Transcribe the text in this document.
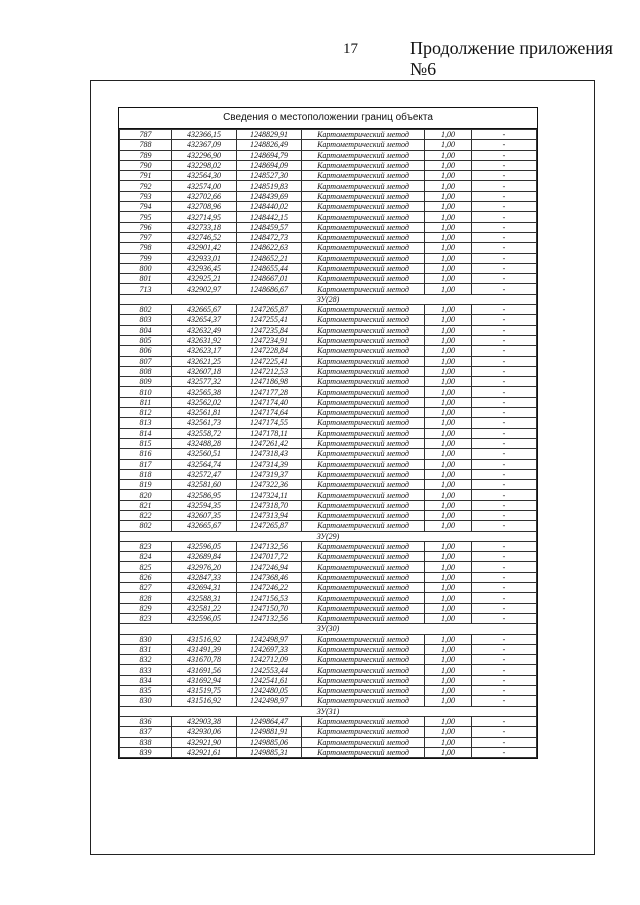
17	Продолжение приложения №6
Сведения о местоположении границ объекта
787	432366,15	1248829,91	Картометрический метод	1,00	-
788	432367,09	1248826,49	Картометрический метод	1,00	-
789	432296,90	1248694,79	Картометрический метод	1,00	-
790	432298,02	1248694,09	Картометрический метод	1,00	-
791	432564,30	1248527,30	Картометрический метод	1,00	-
792	432574,00	1248519,83	Картометрический метод	1,00	-
793	432702,66	1248439,69	Картометрический метод	1,00	-
794	432708,96	1248440,02	Картометрический метод	1,00	-
795	432714,95	1248442,15	Картометрический метод	1,00	-
796	432733,18	1248459,57	Картометрический метод	1,00	-
797	432746,52	1248472,73	Картометрический метод	1,00	-
798	432901,42	1248622,63	Картометрический метод	1,00	-
799	432933,01	1248652,21	Картометрический метод	1,00	-
800	432936,45	1248655,44	Картометрический метод	1,00	-
801	432925,21	1248667,01	Картометрический метод	1,00	-
713	432902,97	1248686,67	Картометрический метод	1,00	-
ЗУ(28)					
802	432665,67	1247265,87	Картометрический метод	1,00	-
803	432654,37	1247255,41	Картометрический метод	1,00	-
804	432632,49	1247235,84	Картометрический метод	1,00	-
805	432631,92	1247234,91	Картометрический метод	1,00	-
806	432623,17	1247228,84	Картометрический метод	1,00	-
807	432621,25	1247225,41	Картометрический метод	1,00	-
808	432607,18	1247212,53	Картометрический метод	1,00	-
809	432577,32	1247186,98	Картометрический метод	1,00	-
810	432565,38	1247177,28	Картометрический метод	1,00	-
811	432562,02	1247174,40	Картометрический метод	1,00	-
812	432561,81	1247174,64	Картометрический метод	1,00	-
813	432561,73	1247174,55	Картометрический метод	1,00	-
814	432558,72	1247178,11	Картометрический метод	1,00	-
815	432488,28	1247261,42	Картометрический метод	1,00	-
816	432560,51	1247318,43	Картометрический метод	1,00	-
817	432564,74	1247314,39	Картометрический метод	1,00	-
818	432572,47	1247319,37	Картометрический метод	1,00	-
819	432581,60	1247322,36	Картометрический метод	1,00	-
820	432586,95	1247324,11	Картометрический метод	1,00	-
821	432594,35	1247318,70	Картометрический метод	1,00	-
822	432607,35	1247313,94	Картометрический метод	1,00	-
802	432665,67	1247265,87	Картометрический метод	1,00	-
ЗУ(29)					
823	432596,05	1247132,56	Картометрический метод	1,00	-
824	432689,84	1247017,72	Картометрический метод	1,00	-
825	432976,20	1247246,94	Картометрический метод	1,00	-
826	432847,33	1247368,46	Картометрический метод	1,00	-
827	432694,31	1247246,22	Картометрический метод	1,00	-
828	432588,31	1247156,53	Картометрический метод	1,00	-
829	432581,22	1247150,70	Картометрический метод	1,00	-
823	432596,05	1247132,56	Картометрический метод	1,00	-
ЗУ(30)					
830	431516,92	1242498,97	Картометрический метод	1,00	-
831	431491,39	1242697,33	Картометрический метод	1,00	-
832	431670,78	1242712,09	Картометрический метод	1,00	-
833	431691,56	1242553,44	Картометрический метод	1,00	-
834	431692,94	1242541,61	Картометрический метод	1,00	-
835	431519,75	1242480,05	Картометрический метод	1,00	-
830	431516,92	1242498,97	Картометрический метод	1,00	-
ЗУ(31)					
836	432903,38	1249864,47	Картометрический метод	1,00	-
837	432930,06	1249881,91	Картометрический метод	1,00	-
838	432921,90	1249885,06	Картометрический метод	1,00	-
839	432921,61	1249885,31	Картометрический метод	1,00	-
